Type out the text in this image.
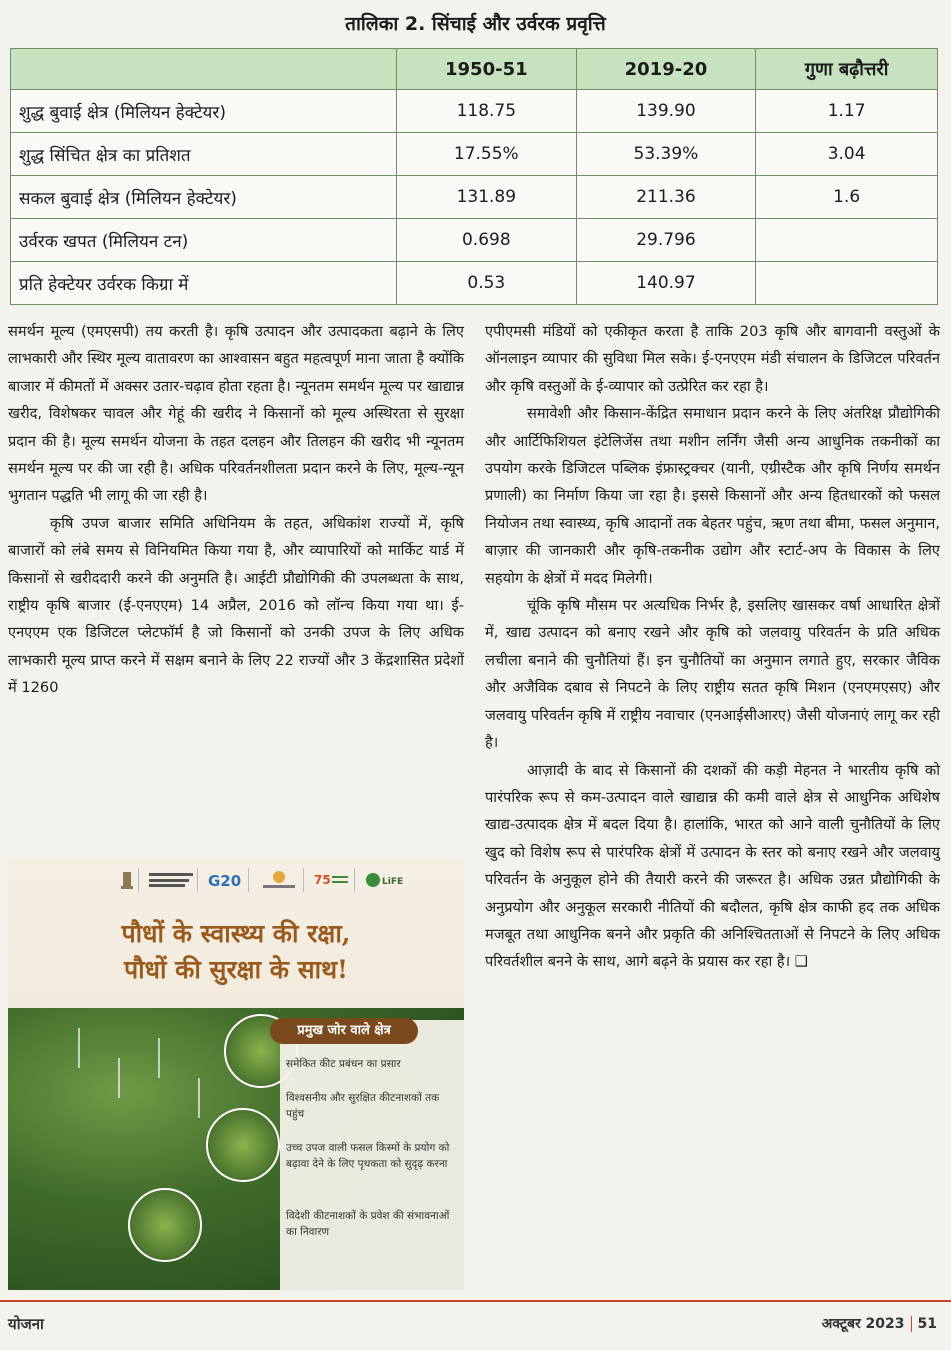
तालिका 2. सिंचाई और उर्वरक प्रवृत्ति
	1950-51	2019-20	गुणा बढ़ौत्तरी
शुद्ध बुवाई क्षेत्र (मिलियन हेक्टेयर)	118.75	139.90	1.17
शुद्ध सिंचित क्षेत्र का प्रतिशत	17.55%	53.39%	3.04
सकल बुवाई क्षेत्र (मिलियन हेक्टेयर)	131.89	211.36	1.6
उर्वरक खपत (मिलियन टन)	0.698	29.796	
प्रति हेक्टेयर उर्वरक किग्रा में	0.53	140.97	

समर्थन मूल्य (एमएसपी) तय करती है। कृषि उत्पादन और उत्पादकता बढ़ाने के लिए लाभकारी और स्थिर मूल्य वातावरण का आश्वासन बहुत महत्वपूर्ण माना जाता है क्योंकि बाजार में कीमतों में अक्सर उतार-चढ़ाव होता रहता है। न्यूनतम समर्थन मूल्य पर खाद्यान्न खरीद, विशेषकर चावल और गेहूं की खरीद ने किसानों को मूल्य अस्थिरता से सुरक्षा प्रदान की है। मूल्य समर्थन योजना के तहत दलहन और तिलहन की खरीद भी न्यूनतम समर्थन मूल्य पर की जा रही है। अधिक परिवर्तनशीलता प्रदान करने के लिए, मूल्य-न्यून भुगतान पद्धति भी लागू की जा रही है।

कृषि उपज बाजार समिति अधिनियम के तहत, अधिकांश राज्यों में, कृषि बाजारों को लंबे समय से विनियमित किया गया है, और व्यापारियों को मार्किट यार्ड में किसानों से खरीददारी करने की अनुमति है। आईटी प्रौद्योगिकी की उपलब्धता के साथ, राष्ट्रीय कृषि बाजार (ई-एनएएम) 14 अप्रैल, 2016 को लॉन्च किया गया था। ई-एनएएम एक डिजिटल प्लेटफॉर्म है जो किसानों को उनकी उपज के लिए अधिक लाभकारी मूल्य प्राप्त करने में सक्षम बनाने के लिए 22 राज्यों और 3 केंद्रशासित प्रदेशों में 1260

एपीएमसी मंडियों को एकीकृत करता है ताकि 203 कृषि और बागवानी वस्तुओं के ऑनलाइन व्यापार की सुविधा मिल सके। ई-एनएएम मंडी संचालन के डिजिटल परिवर्तन और कृषि वस्तुओं के ई-व्यापार को उत्प्रेरित कर रहा है।

समावेशी और किसान-केंद्रित समाधान प्रदान करने के लिए अंतरिक्ष प्रौद्योगिकी और आर्टिफिशियल इंटेलिजेंस तथा मशीन लर्निंग जैसी अन्य आधुनिक तकनीकों का उपयोग करके डिजिटल पब्लिक इंफ्रास्ट्रक्चर (यानी, एग्रीस्टैक और कृषि निर्णय समर्थन प्रणाली) का निर्माण किया जा रहा है। इससे किसानों और अन्य हितधारकों को फसल नियोजन तथा स्वास्थ्य, कृषि आदानों तक बेहतर पहुंच, ऋण तथा बीमा, फसल अनुमान, बाज़ार की जानकारी और कृषि-तकनीक उद्योग और स्टार्ट-अप के विकास के लिए सहयोग के क्षेत्रों में मदद मिलेगी।

चूंकि कृषि मौसम पर अत्यधिक निर्भर है, इसलिए खासकर वर्षा आधारित क्षेत्रों में, खाद्य उत्पादन को बनाए रखने और कृषि को जलवायु परिवर्तन के प्रति अधिक लचीला बनाने की चुनौतियां हैं। इन चुनौतियों का अनुमान लगाते हुए, सरकार जैविक और अजैविक दबाव से निपटने के लिए राष्ट्रीय सतत कृषि मिशन (एनएमएसए) और जलवायु परिवर्तन कृषि में राष्ट्रीय नवाचार (एनआईसीआरए) जैसी योजनाएं लागू कर रही है।

आज़ादी के बाद से किसानों की दशकों की कड़ी मेहनत ने भारतीय कृषि को पारंपरिक रूप से कम-उत्पादन वाले खाद्यान्न की कमी वाले क्षेत्र से आधुनिक अधिशेष खाद्य-उत्पादक क्षेत्र में बदल दिया है। हालांकि, भारत को आने वाली चुनौतियों के लिए खुद को विशेष रूप से पारंपरिक क्षेत्रों में उत्पादन के स्तर को बनाए रखने और जलवायु परिवर्तन के अनुकूल होने की तैयारी करने की जरूरत है। अधिक उन्नत प्रौद्योगिकी के अनुप्रयोग और अनुकूल सरकारी नीतियों की बदौलत, कृषि क्षेत्र काफी हद तक अधिक मजबूत तथा आधुनिक बनने और प्रकृति की अनिश्चितताओं से निपटने के लिए अधिक परिवर्तशील बनने के साथ, आगे बढ़ने के प्रयास कर रहा है। ❑

G20	75	LiFE
पौधों के स्वास्थ्य की रक्षा,
पौधों की सुरक्षा के साथ!
प्रमुख जोर वाले क्षेत्र
समेकित कीट प्रबंधन का प्रसार
विश्वसनीय और सुरक्षित कीटनाशकों तक पहुंच
उच्च उपज वाली फसल किस्मों के प्रयोग को बढ़ावा देने के लिए पृथकता को सुदृढ़ करना
विदेशी कीटनाशकों के प्रवेश की संभावनाओं का निवारण
योजना	अक्टूबर 2023 51
